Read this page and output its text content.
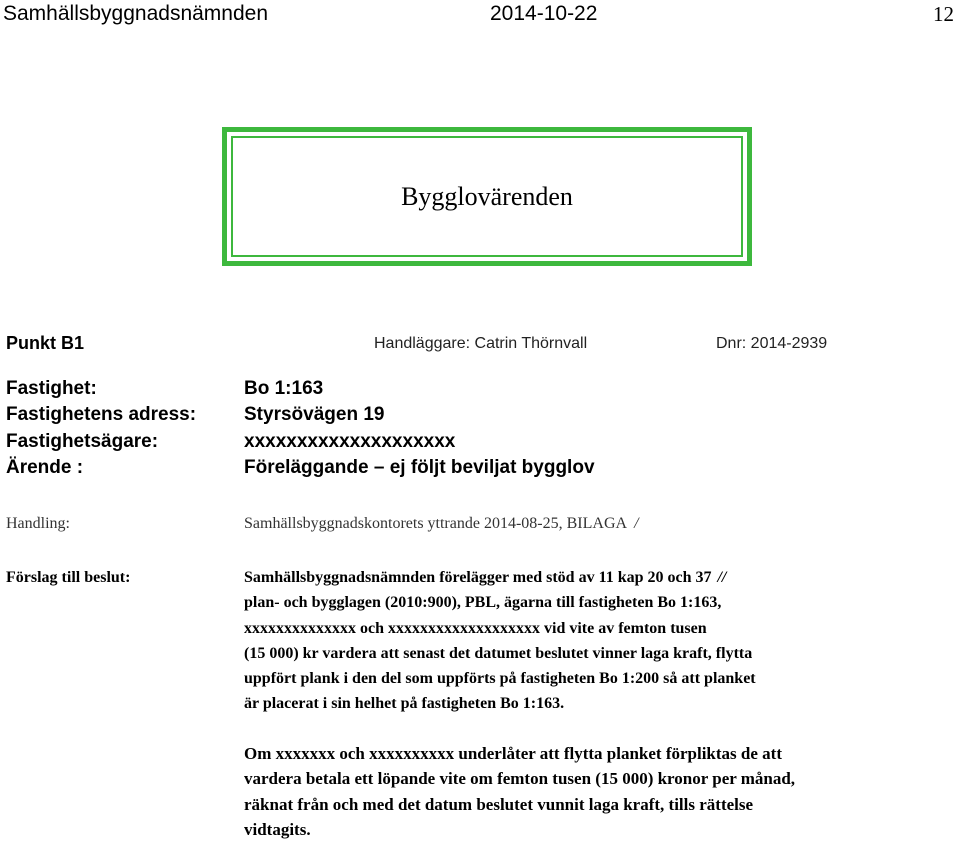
Samhällsbyggnadsnämnden	2014-10-22	12
Bygglovärenden
Punkt B1	Handläggare: Catrin Thörnvall	Dnr: 2014-2939
Fastighet:	Bo 1:163
Fastighetens adress:	Styrsövägen 19
Fastighetsägare:	xxxxxxxxxxxxxxxxxxxx
Ärende :	Föreläggande – ej följt beviljat bygglov
Handling:	Samhällsbyggnadskontorets yttrande 2014-08-25, BILAGA /
Förslag till beslut:	Samhällsbyggnadsnämnden förelägger med stöd av 11 kap 20 och 37 //
plan- och bygglagen (2010:900), PBL, ägarna till fastigheten Bo 1:163,
xxxxxxxxxxxxxx och xxxxxxxxxxxxxxxxxxx vid vite av femton tusen
(15 000) kr vardera att senast det datumet beslutet vinner laga kraft, flytta
uppfört plank i den del som uppförts på fastigheten Bo 1:200 så att planket
är placerat i sin helhet på fastigheten Bo 1:163.
Om xxxxxxx och xxxxxxxxxx underlåter att flytta planket förpliktas de att
vardera betala ett löpande vite om femton tusen (15 000) kronor per månad,
räknat från och med det datum beslutet vunnit laga kraft, tills rättelse
vidtagits.
